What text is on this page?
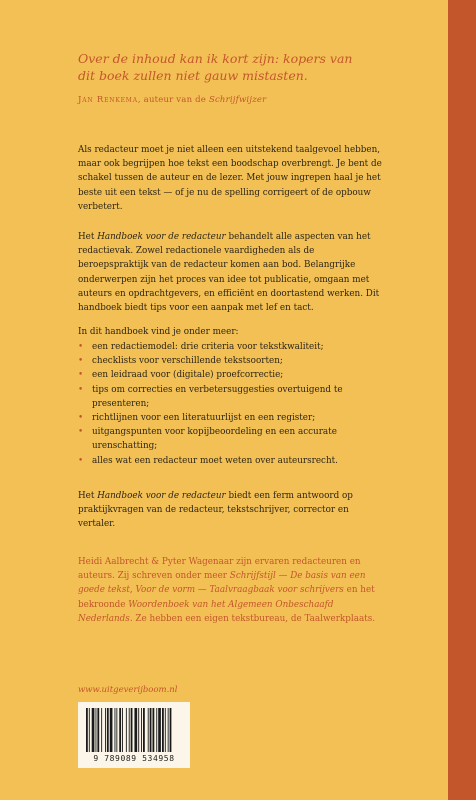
Over de inhoud kan ik kort zijn: kopers van
dit boek zullen niet gauw mistasten.
Jan Renkema, auteur van de Schrijfwijzer

Als redacteur moet je niet alleen een uitstekend taalgevoel hebben, maar ook begrijpen hoe tekst een boodschap overbrengt. Je bent de schakel tussen de auteur en de lezer. Met jouw ingrepen haal je het beste uit een tekst — of je nu de spelling corrigeert of de opbouw verbetert.

Het Handboek voor de redacteur behandelt alle aspecten van het redactievak. Zowel redactionele vaardigheden als de beroepspraktijk van de redacteur komen aan bod. Belangrijke onderwerpen zijn het proces van idee tot publicatie, omgaan met auteurs en opdrachtgevers, en efficiënt en doortastend werken. Dit handboek biedt tips voor een aanpak met lef en tact.

In dit handboek vind je onder meer:

• een redactiemodel: drie criteria voor tekstkwaliteit;
• checklists voor verschillende tekstsoorten;
• een leidraad voor (digitale) proefcorrectie;
• tips om correcties en verbetersuggesties overtuigend te presenteren;
• richtlijnen voor een literatuurlijst en een register;
• uitgangspunten voor kopijbeoordeling en een accurate urenschatting;
• alles wat een redacteur moet weten over auteursrecht.

Het Handboek voor de redacteur biedt een ferm antwoord op praktijkvragen van de redacteur, tekstschrijver, corrector en vertaler.

Heidi Aalbrecht & Pyter Wagenaar zijn ervaren redacteuren en auteurs. Zij schreven onder meer Schrijfstijl — De basis van een goede tekst, Voor de vorm — Taalvraagbaak voor schrijvers en het bekroonde Woordenboek van het Algemeen Onbeschaafd Nederlands. Ze hebben een eigen tekstbureau, de Taalwerkplaats.

www.uitgeverijboom.nl
9 789089 534958
